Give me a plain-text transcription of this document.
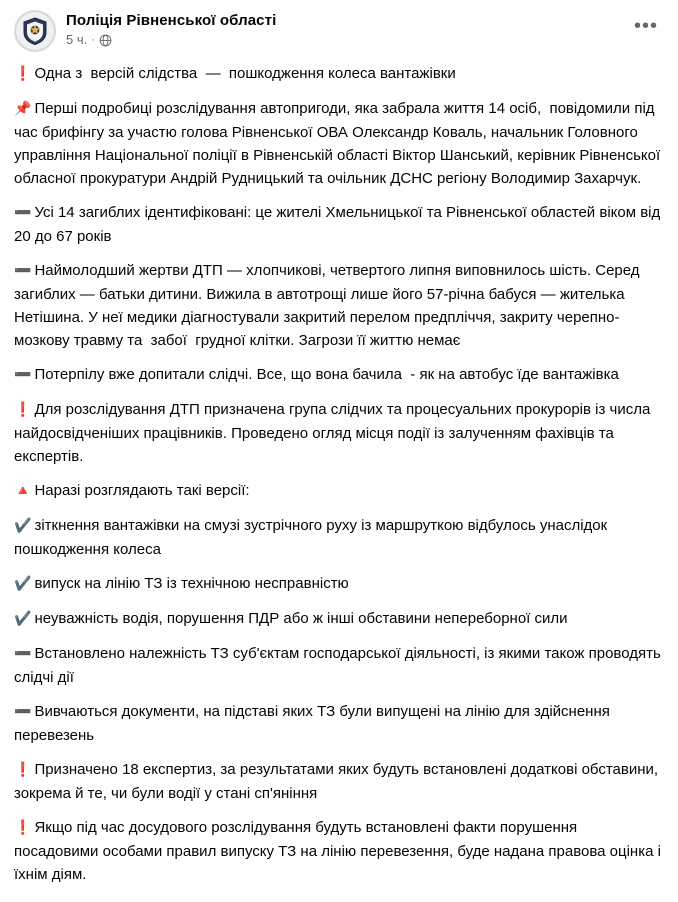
Поліція Рівненської області
5 ч. ·
•••
❗ Одна з  версій слідства  —  пошкодження колеса вантажівки
📌 Перші подробиці розслідування автопригоди, яка забрала життя 14 осіб,  повідомили під час брифінгу за участю голова Рівненської ОВА Олександр Коваль, начальник Головного управління Національної поліції в Рівненській області Віктор Шанський, керівник Рівненської обласної прокуратури Андрій Рудницький та очільник ДСНС регіону Володимир Захарчук.
➖ Усі 14 загиблих ідентифіковані: це жителі Хмельницької та Рівненської областей віком від 20 до 67 років
➖ Наймолодший жертви ДТП — хлопчикові, четвертого липня виповнилось шість. Серед загиблих — батьки дитини. Вижила в автотрощі лише його 57-річна бабуся — жителька Нетішина. У неї медики діагностували закритий перелом предпліччя, закриту черепно-мозкову травму та  забої  грудної клітки. Загрози її життю немає
➖ Потерпілу вже допитали слідчі. Все, що вона бачила  - як на автобус їде вантажівка
❗ Для розслідування ДТП призначена група слідчих та процесуальних прокурорів із числа найдосвідченіших працівників. Проведено огляд місця події із залученням фахівців та експертів.
🔺 Наразі розглядають такі версії:
✔️ зіткнення вантажівки на смузі зустрічного руху із маршруткою відбулось унаслідок пошкодження колеса
✔️ випуск на лінію ТЗ із технічною несправністю
✔️ неуважність водія, порушення ПДР або ж інші обставини непереборної сили
➖ Встановлено належність ТЗ суб'єктам господарської діяльності, із якими також проводять слідчі дії
➖ Вивчаються документи, на підставі яких ТЗ були випущені на лінію для здійснення перевезень
❗ Призначено 18 експертиз, за результатами яких будуть встановлені додаткові обставини, зокрема й те, чи були водії у стані сп'яніння
❗ Якщо під час досудового розслідування будуть встановлені факти порушення  посадовими особами правил випуску ТЗ на лінію перевезення, буде надана правова оцінка і їхнім діям.
